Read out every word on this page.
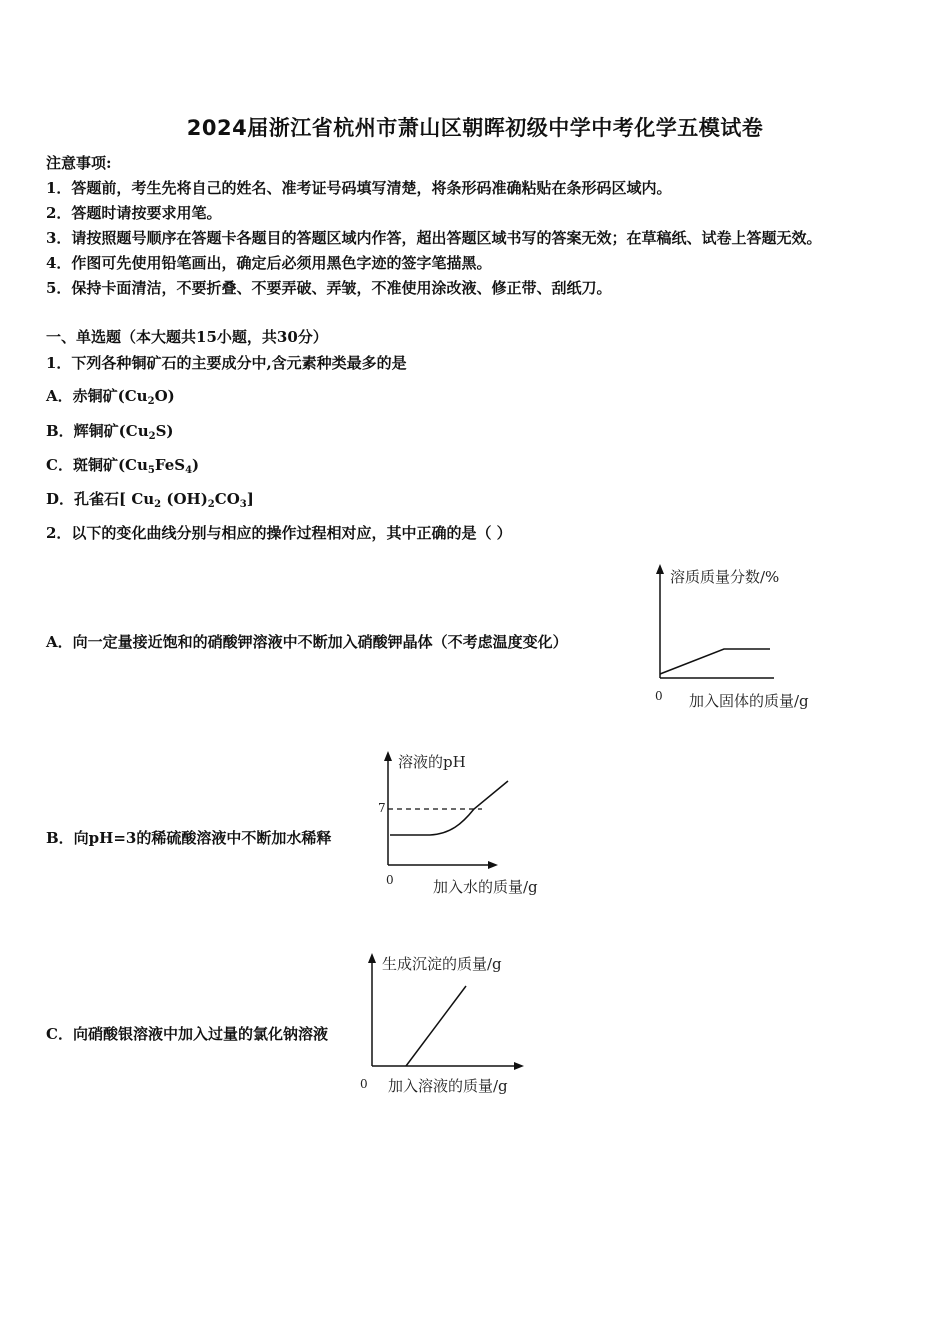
2024届浙江省杭州市萧山区朝晖初级中学中考化学五模试卷
注意事项:
1．答题前，考生先将自己的姓名、准考证号码填写清楚，将条形码准确粘贴在条形码区域内。
2．答题时请按要求用笔。
3．请按照题号顺序在答题卡各题目的答题区域内作答，超出答题区域书写的答案无效；在草稿纸、试卷上答题无效。
4．作图可先使用铅笔画出，确定后必须用黑色字迹的签字笔描黑。
5．保持卡面清洁，不要折叠、不要弄破、弄皱，不准使用涂改液、修正带、刮纸刀。
一、单选题（本大题共15小题，共30分）
1．下列各种铜矿石的主要成分中,含元素种类最多的是
A．赤铜矿$(Cu_2O)$
B．辉铜矿$(Cu_2S)$
C．斑铜矿$(Cu_5FeS_4)$
D．孔雀石[ $Cu_2$ $(OH)_2CO_3$]
2．以下的变化曲线分别与相应的操作过程相对应，其中正确的是（ ）
A．向一定量接近饱和的硝酸钾溶液中不断加入硝酸钾晶体（不考虑温度变化）
溶质质量分数/%
加入固体的质量/g
0
B．向pH=3的稀硫酸溶液中不断加水稀释
溶液的pH
7
加入水的质量/g
0
C．向硝酸银溶液中加入过量的氯化钠溶液
生成沉淀的质量/g
加入溶液的质量/g
0
